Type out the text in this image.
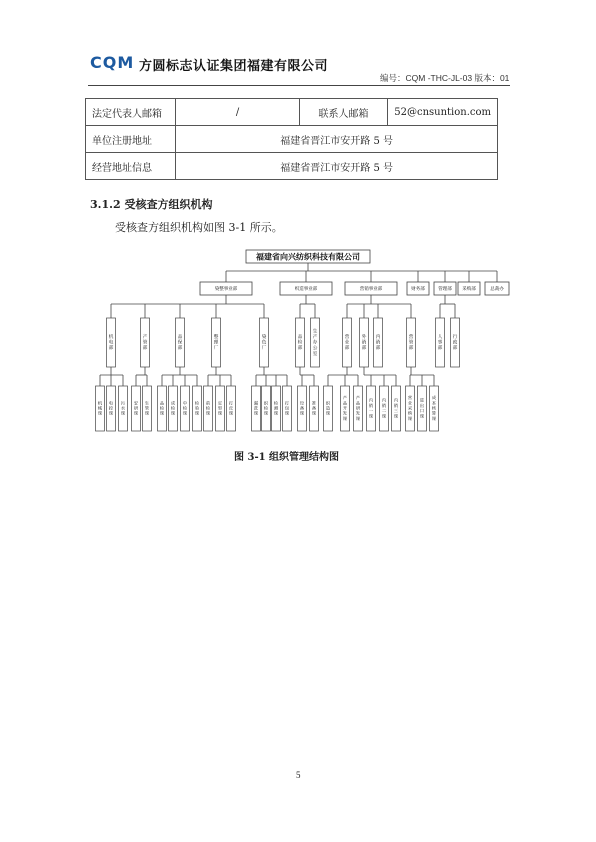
CQM 方圆标志认证集团福建有限公司
编号：CQM -THC-JL-03 版本：01
法定代表人邮箱	/	联系人邮箱	52@cnsuntion.com
单位注册地址	福建省晋江市安开路 5 号		
经营地址信息	福建省晋江市安开路 5 号		
3.1.2 受核查方组织机构
受核查方组织机构如图 3-1 所示。
福建省向兴纺织科技有限公司
染整事业部	织造事业部	营销事业部	财务部	管理部 采购部	总裁办
机
电
部
产
管
部
品
保
部
整
理
厂
染
色
厂
品
检
部
生
产
办
公
室
营
业
部
外
销
部
内
销
部
营
管
部
人
事
部
行
政
部
机
械
课
电
控
课
污
水
课
安
研
课
生
管
课
品
检
课
成
检
课
中
检
课
检
验
课
前
检
课
定
型
课
打
皮
课
漏
洗
课
织
检
课
检
测
课
打
包
课
设
备
课
准
备
课
织
造
课
产
品
开
发
课
产
品
研
发
课
内
销
一
课
内
销
二
课
内
销
三
课
营
业
采
购
课
进
出
口
课
成
本
核
算
课
图 3-1 组织管理结构图
5
